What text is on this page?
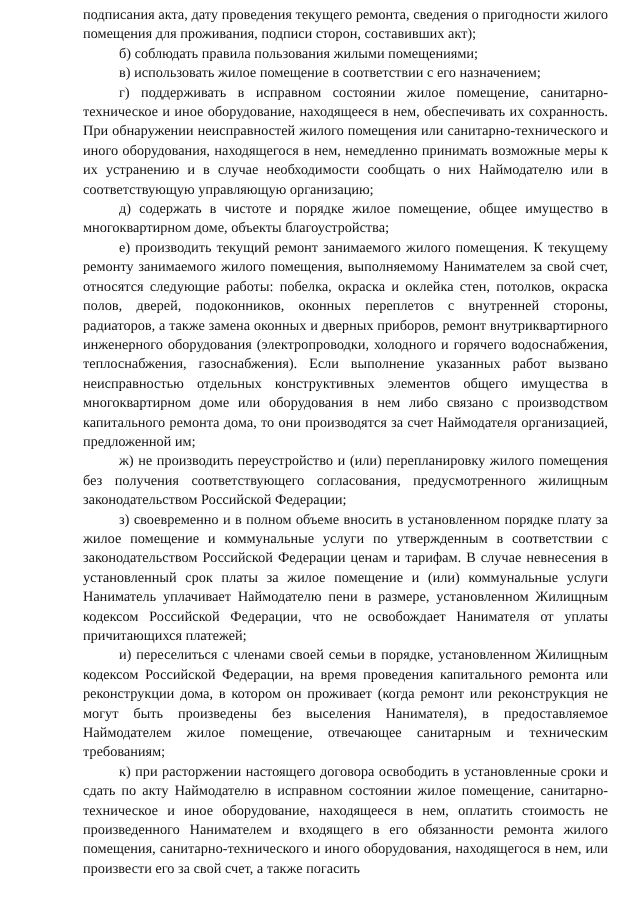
подписания акта, дату проведения текущего ремонта, сведения о пригодности жилого помещения для проживания, подписи сторон, составивших акт);

б) соблюдать правила пользования жилыми помещениями;

в) использовать жилое помещение в соответствии с его назначением;

г) поддерживать в исправном состоянии жилое помещение, санитарно-техническое и иное оборудование, находящееся в нем, обеспечивать их сохранность. При обнаружении неисправностей жилого помещения или санитарно-технического и иного оборудования, находящегося в нем, немедленно принимать возможные меры к их устранению и в случае необходимости сообщать о них Наймодателю или в соответствующую управляющую организацию;

д) содержать в чистоте и порядке жилое помещение, общее имущество в многоквартирном доме, объекты благоустройства;

е) производить текущий ремонт занимаемого жилого помещения. К текущему ремонту занимаемого жилого помещения, выполняемому Нанимателем за свой счет, относятся следующие работы: побелка, окраска и оклейка стен, потолков, окраска полов, дверей, подоконников, оконных переплетов с внутренней стороны, радиаторов, а также замена оконных и дверных приборов, ремонт внутриквартирного инженерного оборудования (электропроводки, холодного и горячего водоснабжения, теплоснабжения, газоснабжения). Если выполнение указанных работ вызвано неисправностью отдельных конструктивных элементов общего имущества в многоквартирном доме или оборудования в нем либо связано с производством капитального ремонта дома, то они производятся за счет Наймодателя организацией, предложенной им;

ж) не производить переустройство и (или) перепланировку жилого помещения без получения соответствующего согласования, предусмотренного жилищным законодательством Российской Федерации;

з) своевременно и в полном объеме вносить в установленном порядке плату за жилое помещение и коммунальные услуги по утвержденным в соответствии с законодательством Российской Федерации ценам и тарифам. В случае невнесения в установленный срок платы за жилое помещение и (или) коммунальные услуги Наниматель уплачивает Наймодателю пени в размере, установленном Жилищным кодексом Российской Федерации, что не освобождает Нанимателя от уплаты причитающихся платежей;

и) переселиться с членами своей семьи в порядке, установленном Жилищным кодексом Российской Федерации, на время проведения капитального ремонта или реконструкции дома, в котором он проживает (когда ремонт или реконструкция не могут быть произведены без выселения Нанимателя), в предоставляемое Наймодателем жилое помещение, отвечающее санитарным и техническим требованиям;

к) при расторжении настоящего договора освободить в установленные сроки и сдать по акту Наймодателю в исправном состоянии жилое помещение, санитарно-техническое и иное оборудование, находящееся в нем, оплатить стоимость не произведенного Нанимателем и входящего в его обязанности ремонта жилого помещения, санитарно-технического и иного оборудования, находящегося в нем, или произвести его за свой счет, а также погасить
